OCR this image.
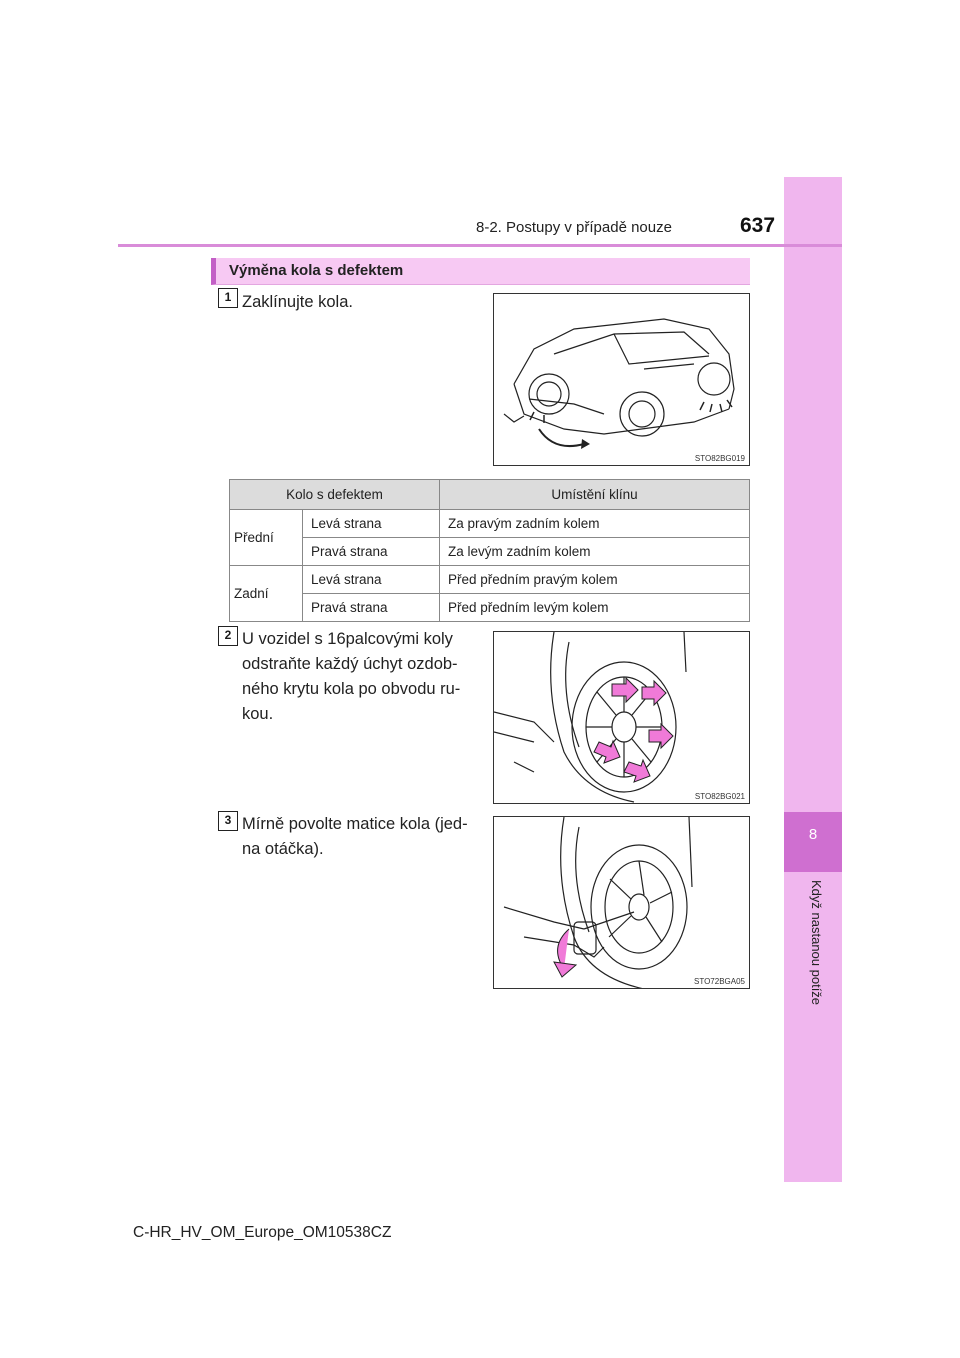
8
Když nastanou potíže
8-2. Postupy v případě nouze	637
Výměna kola s defektem
1 Zaklínujte kola.
STO82BG019
Kolo s defektem		Umístění klínu
Přední	Levá strana	Za pravým zadním kolem
	Pravá strana	Za levým zadním kolem
Zadní	Levá strana	Před předním pravým kolem
	Pravá strana	Před předním levým kolem
2 U vozidel s 16palcovými koly
odstraňte každý úchyt ozdob-
ného krytu kola po obvodu ru-
kou.
STO82BG021
3 Mírně povolte matice kola (jed-
na otáčka).
STO72BGA05
C-HR_HV_OM_Europe_OM10538CZ
